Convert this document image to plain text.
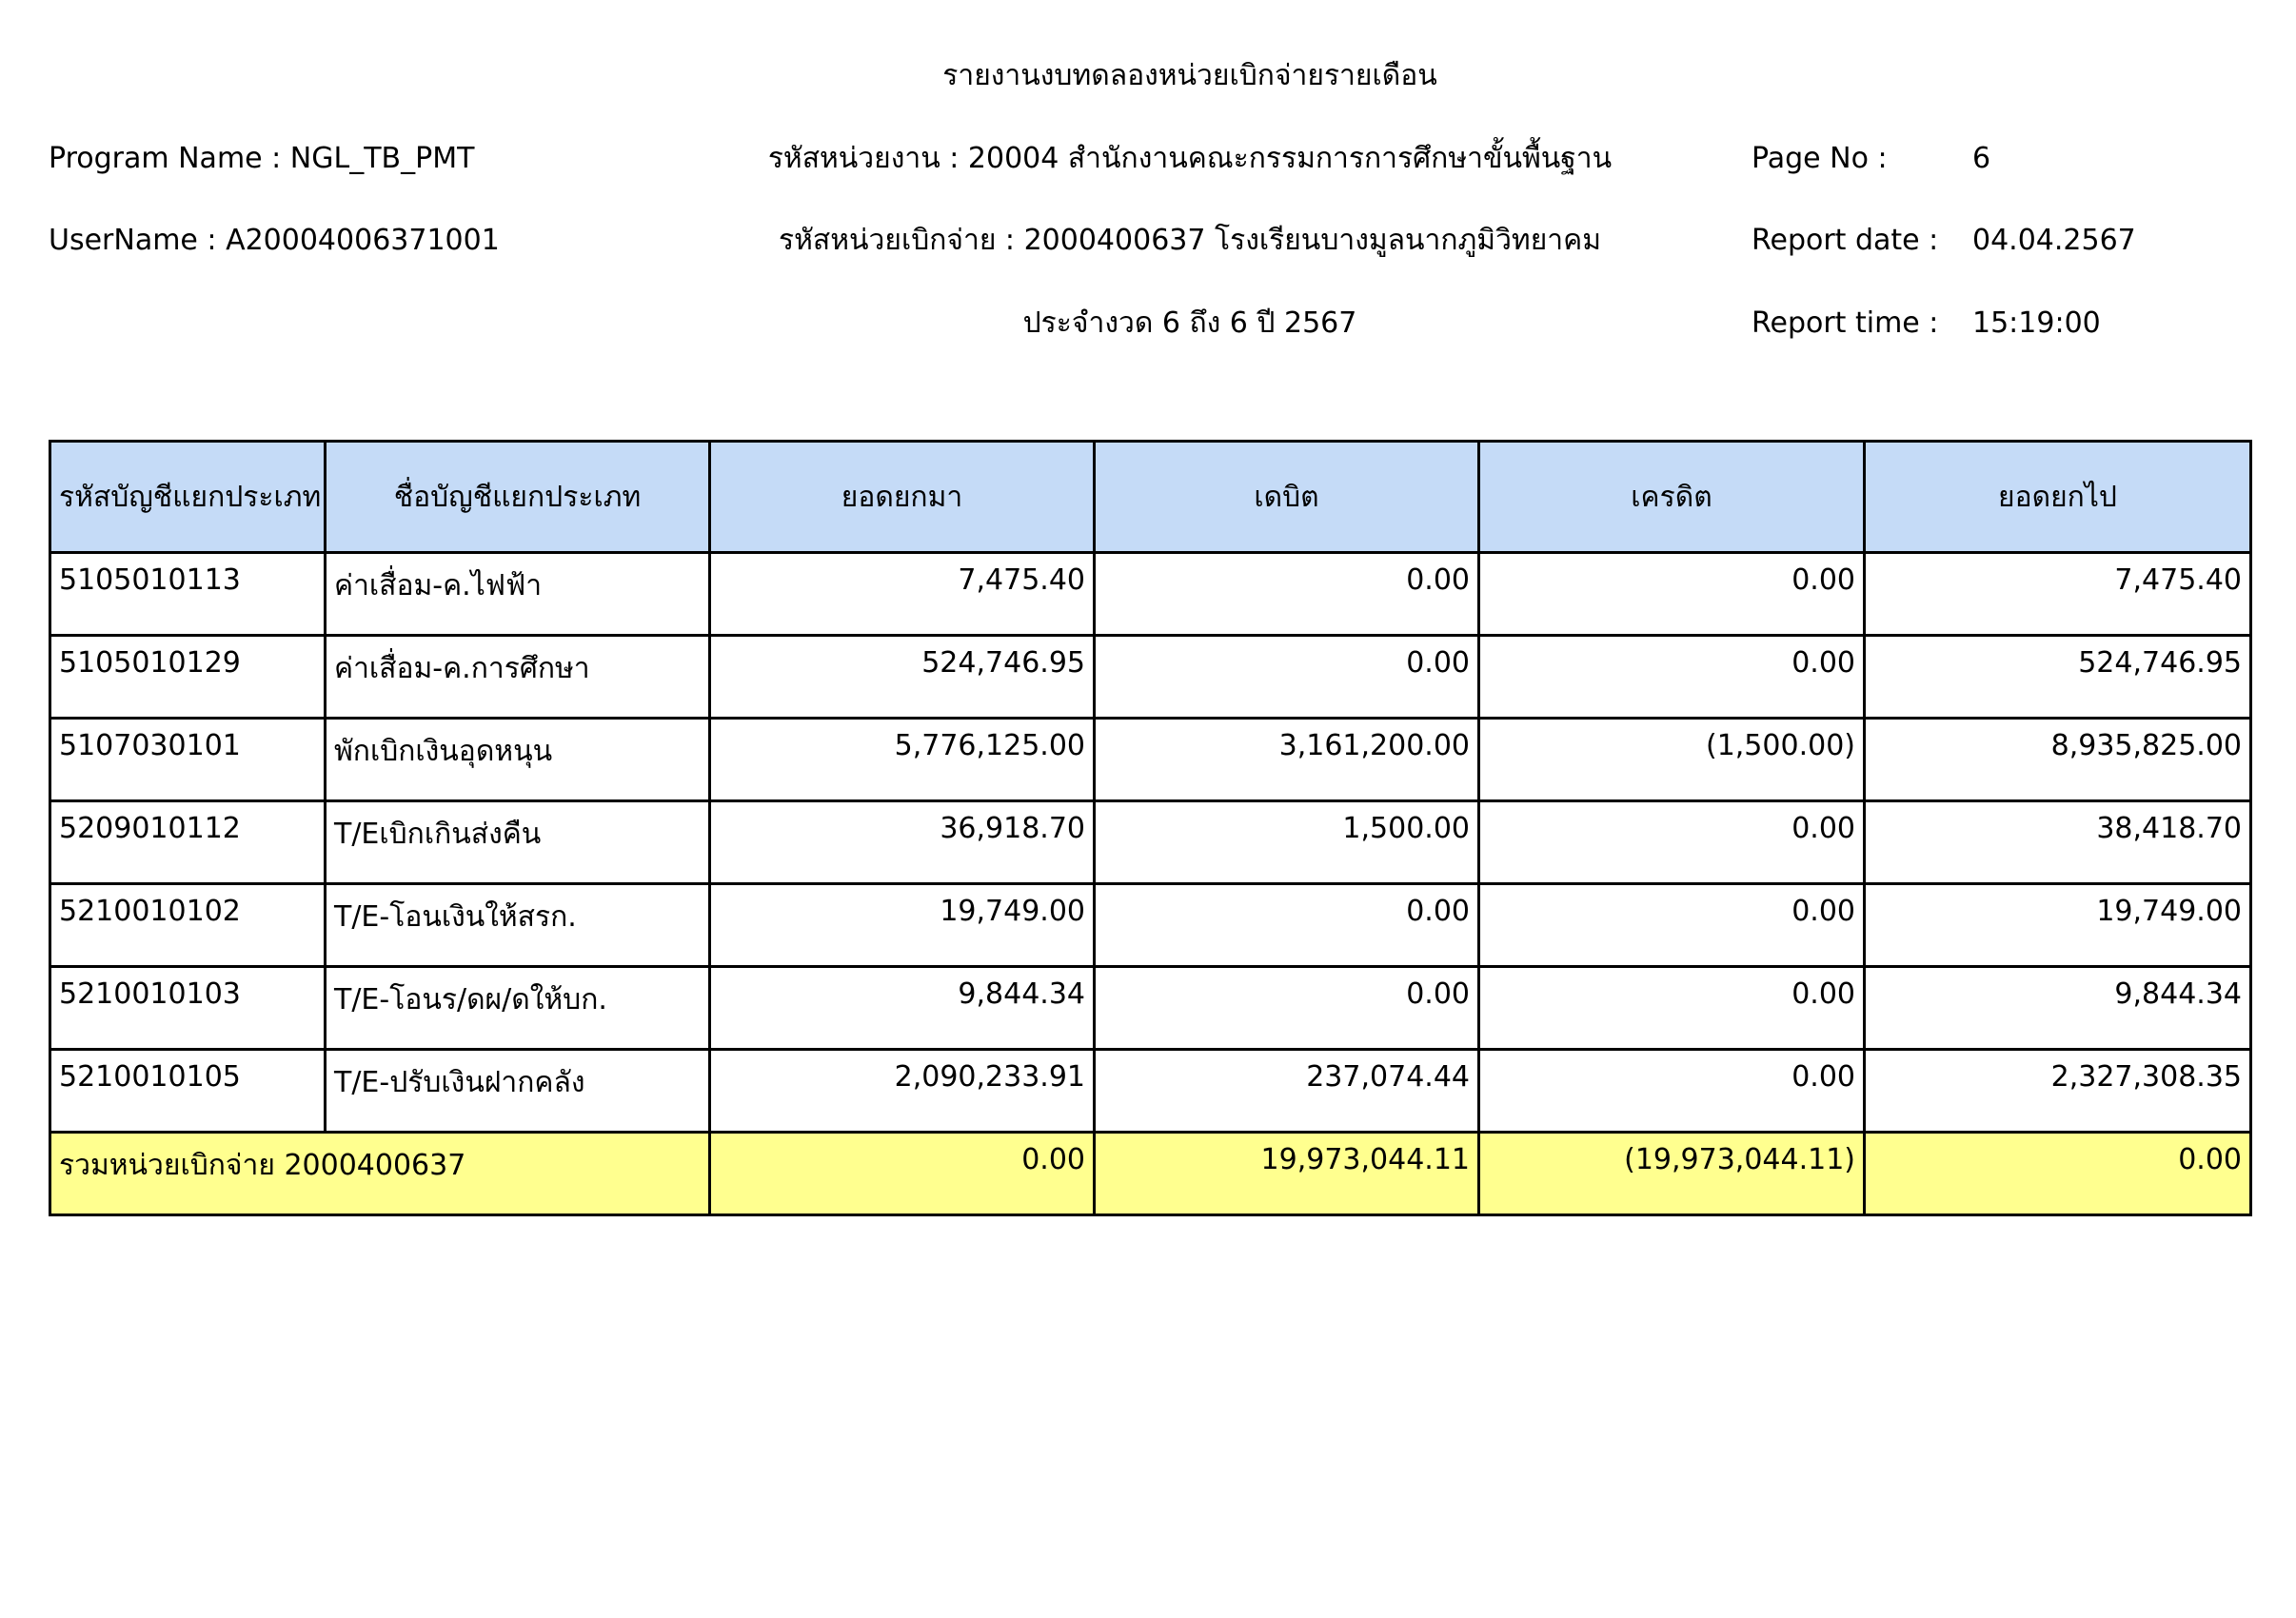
รายงานงบทดลองหน่วยเบิกจ่ายรายเดือน
Program Name : NGL_TB_PMT	รหัสหน่วยงาน : 20004 สำนักงานคณะกรรมการการศึกษาขั้นพื้นฐาน	Page No :	6
UserName : A20004006371001	รหัสหน่วยเบิกจ่าย : 2000400637 โรงเรียนบางมูลนากภูมิวิทยาคม	Report date : 04.04.2567
ประจำงวด 6 ถึง 6 ปี 2567	Report time : 15:19:00
รหัสบัญชีแยกประเภท	ชื่อบัญชีแยกประเภท	ยอดยกมา	เดบิต	เครดิต	ยอดยกไป
5105010113	ค่าเสื่อม-ค.ไฟฟ้า	7,475.40	0.00	0.00	7,475.40
5105010129	ค่าเสื่อม-ค.การศึกษา	524,746.95	0.00	0.00	524,746.95
5107030101	พักเบิกเงินอุดหนุน	5,776,125.00	3,161,200.00	(1,500.00)	8,935,825.00
5209010112	T/Eเบิกเกินส่งคืน	36,918.70	1,500.00	0.00	38,418.70
5210010102	T/E-โอนเงินให้สรก.	19,749.00	0.00	0.00	19,749.00
5210010103	T/E-โอนร/ดผ/ดให้บก.	9,844.34	0.00	0.00	9,844.34
5210010105	T/E-ปรับเงินฝากคลัง	2,090,233.91	237,074.44	0.00	2,327,308.35
รวมหน่วยเบิกจ่าย 2000400637		0.00	19,973,044.11	(19,973,044.11)	0.00
